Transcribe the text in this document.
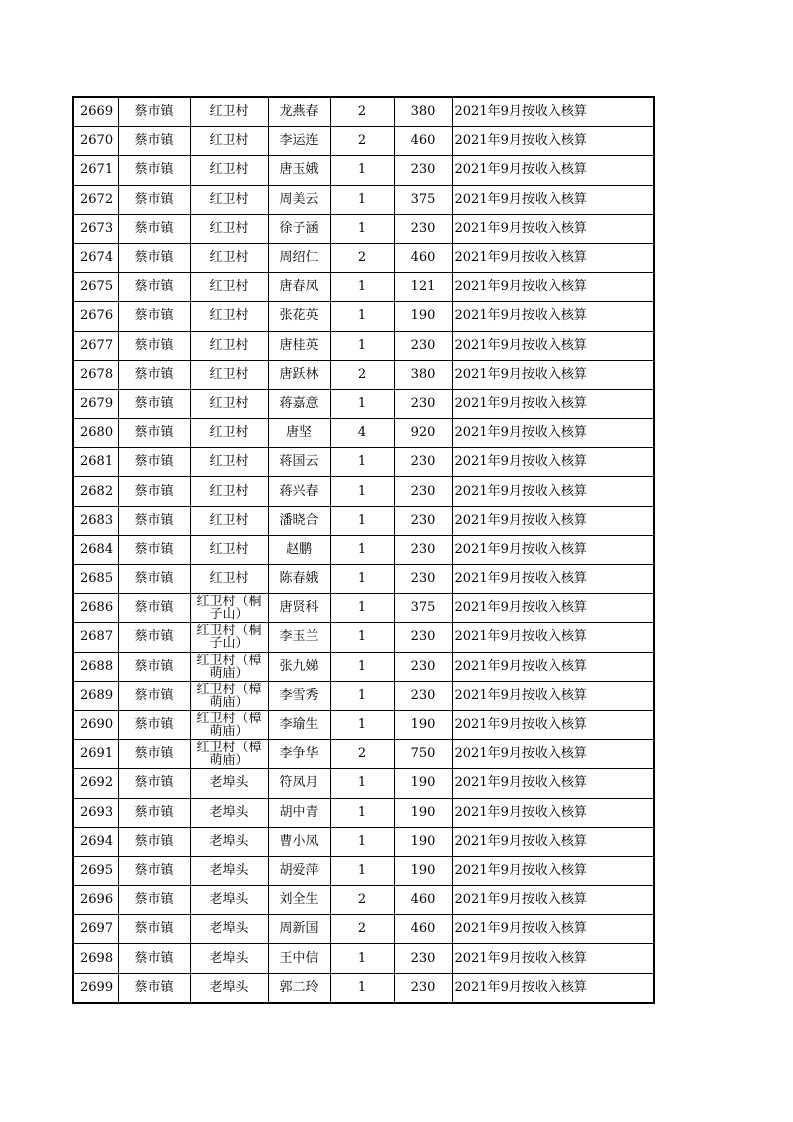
2669	蔡市镇	红卫村	龙燕春	2	380	2021年9月按收入核算
2670	蔡市镇	红卫村	李运连	2	460	2021年9月按收入核算
2671	蔡市镇	红卫村	唐玉娥	1	230	2021年9月按收入核算
2672	蔡市镇	红卫村	周美云	1	375	2021年9月按收入核算
2673	蔡市镇	红卫村	徐子涵	1	230	2021年9月按收入核算
2674	蔡市镇	红卫村	周绍仁	2	460	2021年9月按收入核算
2675	蔡市镇	红卫村	唐春凤	1	121	2021年9月按收入核算
2676	蔡市镇	红卫村	张花英	1	190	2021年9月按收入核算
2677	蔡市镇	红卫村	唐桂英	1	230	2021年9月按收入核算
2678	蔡市镇	红卫村	唐跃林	2	380	2021年9月按收入核算
2679	蔡市镇	红卫村	蒋嘉意	1	230	2021年9月按收入核算
2680	蔡市镇	红卫村	唐坚	4	920	2021年9月按收入核算
2681	蔡市镇	红卫村	蒋国云	1	230	2021年9月按收入核算
2682	蔡市镇	红卫村	蒋兴春	1	230	2021年9月按收入核算
2683	蔡市镇	红卫村	潘晓合	1	230	2021年9月按收入核算
2684	蔡市镇	红卫村	赵鹏	1	230	2021年9月按收入核算
2685	蔡市镇	红卫村	陈春娥	1	230	2021年9月按收入核算
2686	蔡市镇	红卫村（桐子山）	唐贤科	1	375	2021年9月按收入核算
2687	蔡市镇	红卫村（桐子山）	李玉兰	1	230	2021年9月按收入核算
2688	蔡市镇	红卫村（樟萌庙）	张九娣	1	230	2021年9月按收入核算
2689	蔡市镇	红卫村（樟萌庙）	李雪秀	1	230	2021年9月按收入核算
2690	蔡市镇	红卫村（樟萌庙）	李瑜生	1	190	2021年9月按收入核算
2691	蔡市镇	红卫村（樟萌庙）	李争华	2	750	2021年9月按收入核算
2692	蔡市镇	老埠头	符凤月	1	190	2021年9月按收入核算
2693	蔡市镇	老埠头	胡中青	1	190	2021年9月按收入核算
2694	蔡市镇	老埠头	曹小凤	1	190	2021年9月按收入核算
2695	蔡市镇	老埠头	胡爱萍	1	190	2021年9月按收入核算
2696	蔡市镇	老埠头	刘全生	2	460	2021年9月按收入核算
2697	蔡市镇	老埠头	周新国	2	460	2021年9月按收入核算
2698	蔡市镇	老埠头	王中信	1	230	2021年9月按收入核算
2699	蔡市镇	老埠头	郭二玲	1	230	2021年9月按收入核算
